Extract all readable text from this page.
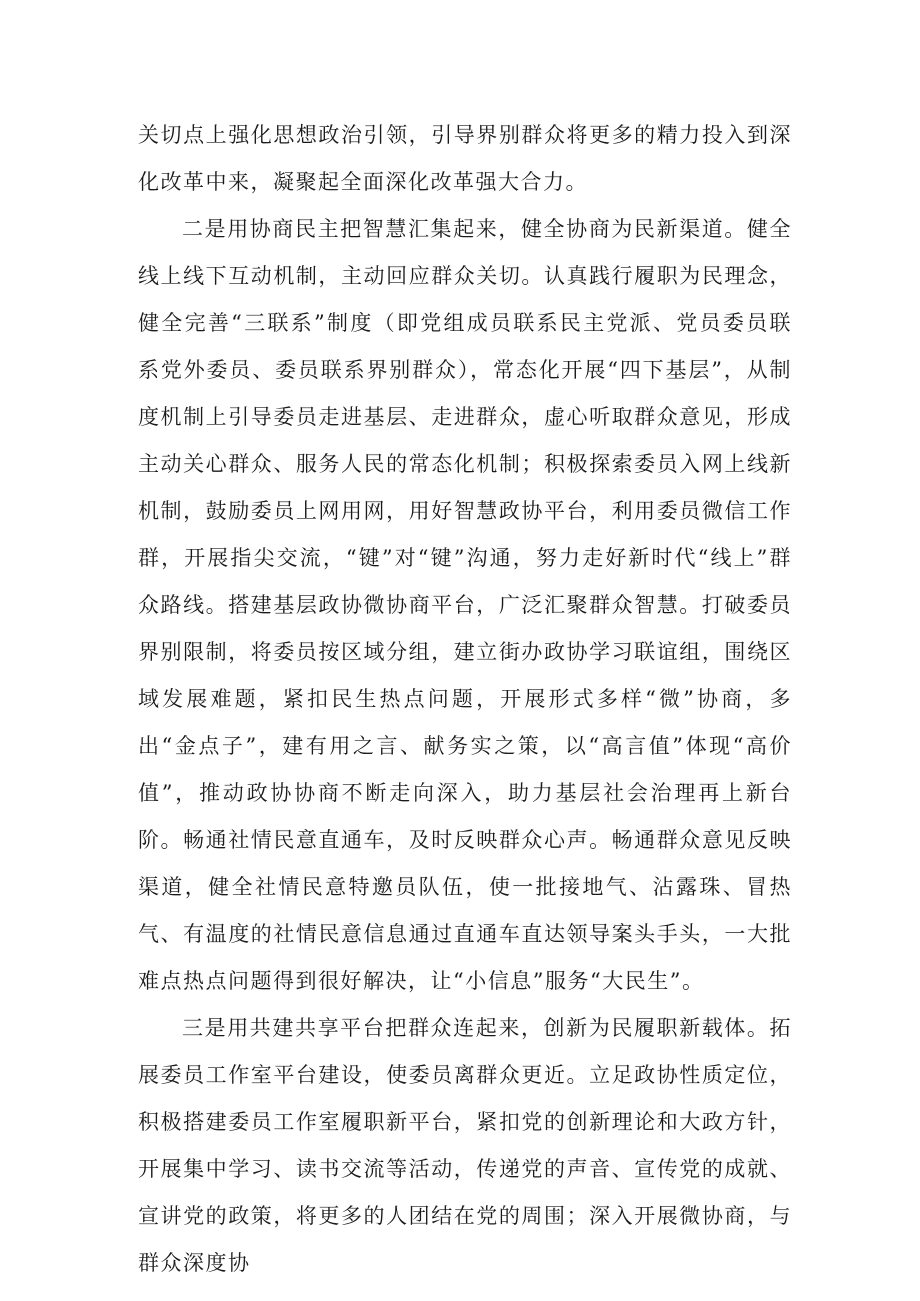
关切点上强化思想政治引领，引导界别群众将更多的精力投入到深化改革中来，凝聚起全面深化改革强大合力。

二是用协商民主把智慧汇集起来，健全协商为民新渠道。健全线上线下互动机制，主动回应群众关切。认真践行履职为民理念，健全完善“三联系”制度（即党组成员联系民主党派、党员委员联系党外委员、委员联系界别群众），常态化开展“四下基层”，从制度机制上引导委员走进基层、走进群众，虚心听取群众意见，形成主动关心群众、服务人民的常态化机制；积极探索委员入网上线新机制，鼓励委员上网用网，用好智慧政协平台，利用委员微信工作群，开展指尖交流，“键”对“键”沟通，努力走好新时代“线上”群众路线。搭建基层政协微协商平台，广泛汇聚群众智慧。打破委员界别限制，将委员按区域分组，建立街办政协学习联谊组，围绕区域发展难题，紧扣民生热点问题，开展形式多样“微”协商，多出“金点子”，建有用之言、献务实之策，以“高言值”体现“高价值”，推动政协协商不断走向深入，助力基层社会治理再上新台阶。畅通社情民意直通车，及时反映群众心声。畅通群众意见反映渠道，健全社情民意特邀员队伍，使一批接地气、沾露珠、冒热气、有温度的社情民意信息通过直通车直达领导案头手头，一大批难点热点问题得到很好解决，让“小信息”服务“大民生”。

三是用共建共享平台把群众连起来，创新为民履职新载体。拓展委员工作室平台建设，使委员离群众更近。立足政协性质定位，积极搭建委员工作室履职新平台，紧扣党的创新理论和大政方针，开展集中学习、读书交流等活动，传递党的声音、宣传党的成就、宣讲党的政策，将更多的人团结在党的周围；深入开展微协商，与群众深度协
